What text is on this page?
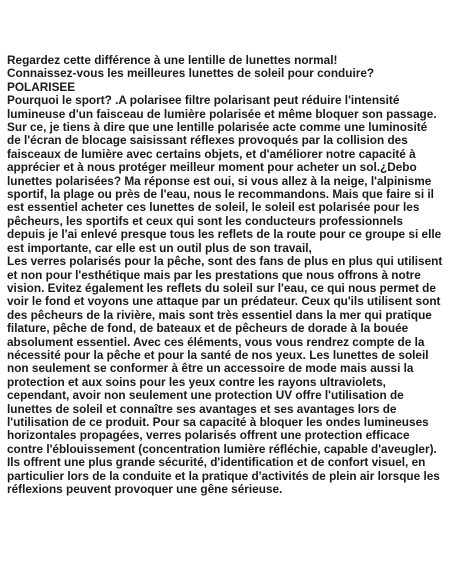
Regardez cette différence à une lentille de lunettes normal!

Connaissez-vous les meilleures lunettes de soleil pour conduire?

POLARISEE

Pourquoi le sport? .A polarisee filtre polarisant peut réduire l'intensité lumineuse d'un faisceau de lumière polarisée et même bloquer son passage. Sur ce, je tiens à dire que une lentille polarisée acte comme une luminosité de l'écran de blocage saisissant réflexes provoqués par la collision des faisceaux de lumière avec certains objets, et d'améliorer notre capacité à apprécier et à nous protéger meilleur moment pour acheter un sol.¿Debo lunettes polarisées? Ma réponse est oui, si vous allez à la neige, l'alpinisme sportif, la plage ou près de l'eau, nous le recommandons. Mais que faire si il est essentiel acheter ces lunettes de soleil, le soleil est polarisée pour les pêcheurs, les sportifs et ceux qui sont les conducteurs professionnels depuis je l'ai enlevé presque tous les reflets de la route pour ce groupe si elle est importante, car elle est un outil plus de son travail,

Les verres polarisés pour la pêche, sont des fans de plus en plus qui utilisent et non pour l'esthétique mais par les prestations que nous offrons à notre vision. Evitez également les reflets du soleil sur l'eau, ce qui nous permet de voir le fond et voyons une attaque par un prédateur. Ceux qu'ils utilisent sont des pêcheurs de la rivière, mais sont très essentiel dans la mer qui pratique filature, pêche de fond, de bateaux et de pêcheurs de dorade à la bouée absolument essentiel. Avec ces éléments, vous vous rendrez compte de la nécessité pour la pêche et pour la santé de nos yeux. Les lunettes de soleil non seulement se conformer à être un accessoire de mode mais aussi la protection et aux soins pour les yeux contre les rayons ultraviolets, cependant, avoir non seulement une protection UV offre l'utilisation de lunettes de soleil et connaître ses avantages et ses avantages lors de l'utilisation de ce produit. Pour sa capacité à bloquer les ondes lumineuses horizontales propagées, verres polarisés offrent une protection efficace contre l'éblouissement (concentration lumière réfléchie, capable d'aveugler). Ils offrent une plus grande sécurité, d'identification et de confort visuel, en particulier lors de la conduite et la pratique d'activités de plein air lorsque les réflexions peuvent provoquer une gêne sérieuse.
